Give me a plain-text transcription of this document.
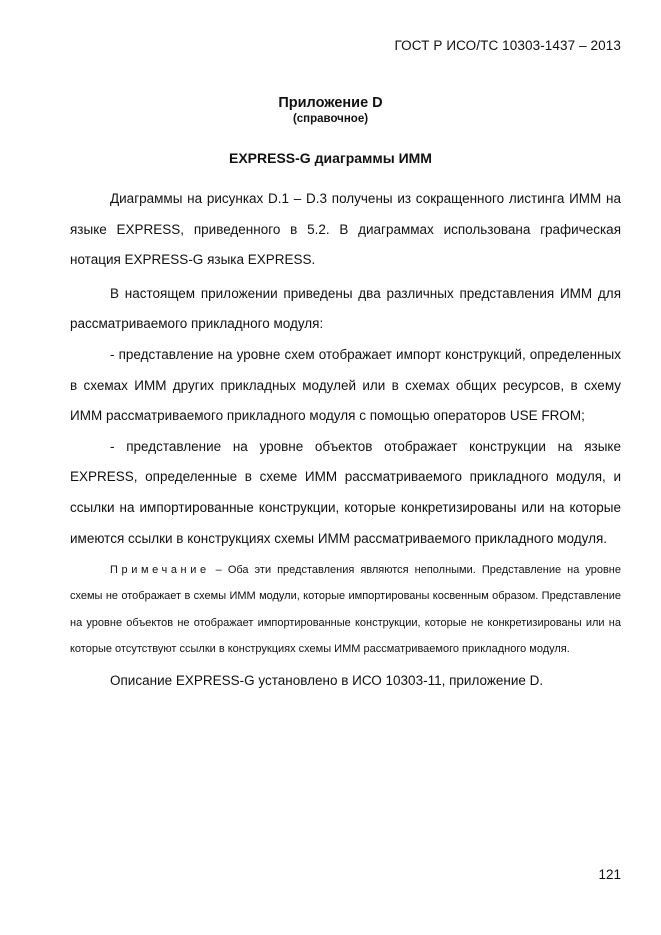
ГОСТ Р ИСО/ТС 10303-1437 – 2013
Приложение D
(справочное)
EXPRESS-G диаграммы ИММ

Диаграммы на рисунках D.1 – D.3 получены из сокращенного листинга ИММ на языке EXPRESS, приведенного в 5.2. В диаграммах использована графическая нотация EXPRESS-G языка EXPRESS.

В настоящем приложении приведены два различных представления ИММ для рассматриваемого прикладного модуля:

- представление на уровне схем отображает импорт конструкций, определенных в схемах ИММ других прикладных модулей или в схемах общих ресурсов, в схему ИММ рассматриваемого прикладного модуля с помощью операторов USE FROM;

- представление на уровне объектов отображает конструкции на языке EXPRESS, определенные в схеме ИММ рассматриваемого прикладного модуля, и ссылки на импортированные конструкции, которые конкретизированы или на которые имеются ссылки в конструкциях схемы ИММ рассматриваемого прикладного модуля.

Примечание – Оба эти представления являются неполными. Представление на уровне схемы не отображает в схемы ИММ модули, которые импортированы косвенным образом. Представление на уровне объектов не отображает импортированные конструкции, которые не конкретизированы или на которые отсутствуют ссылки в конструкциях схемы ИММ рассматриваемого прикладного модуля.

Описание EXPRESS-G установлено в ИСО 10303-11, приложение D.

121
